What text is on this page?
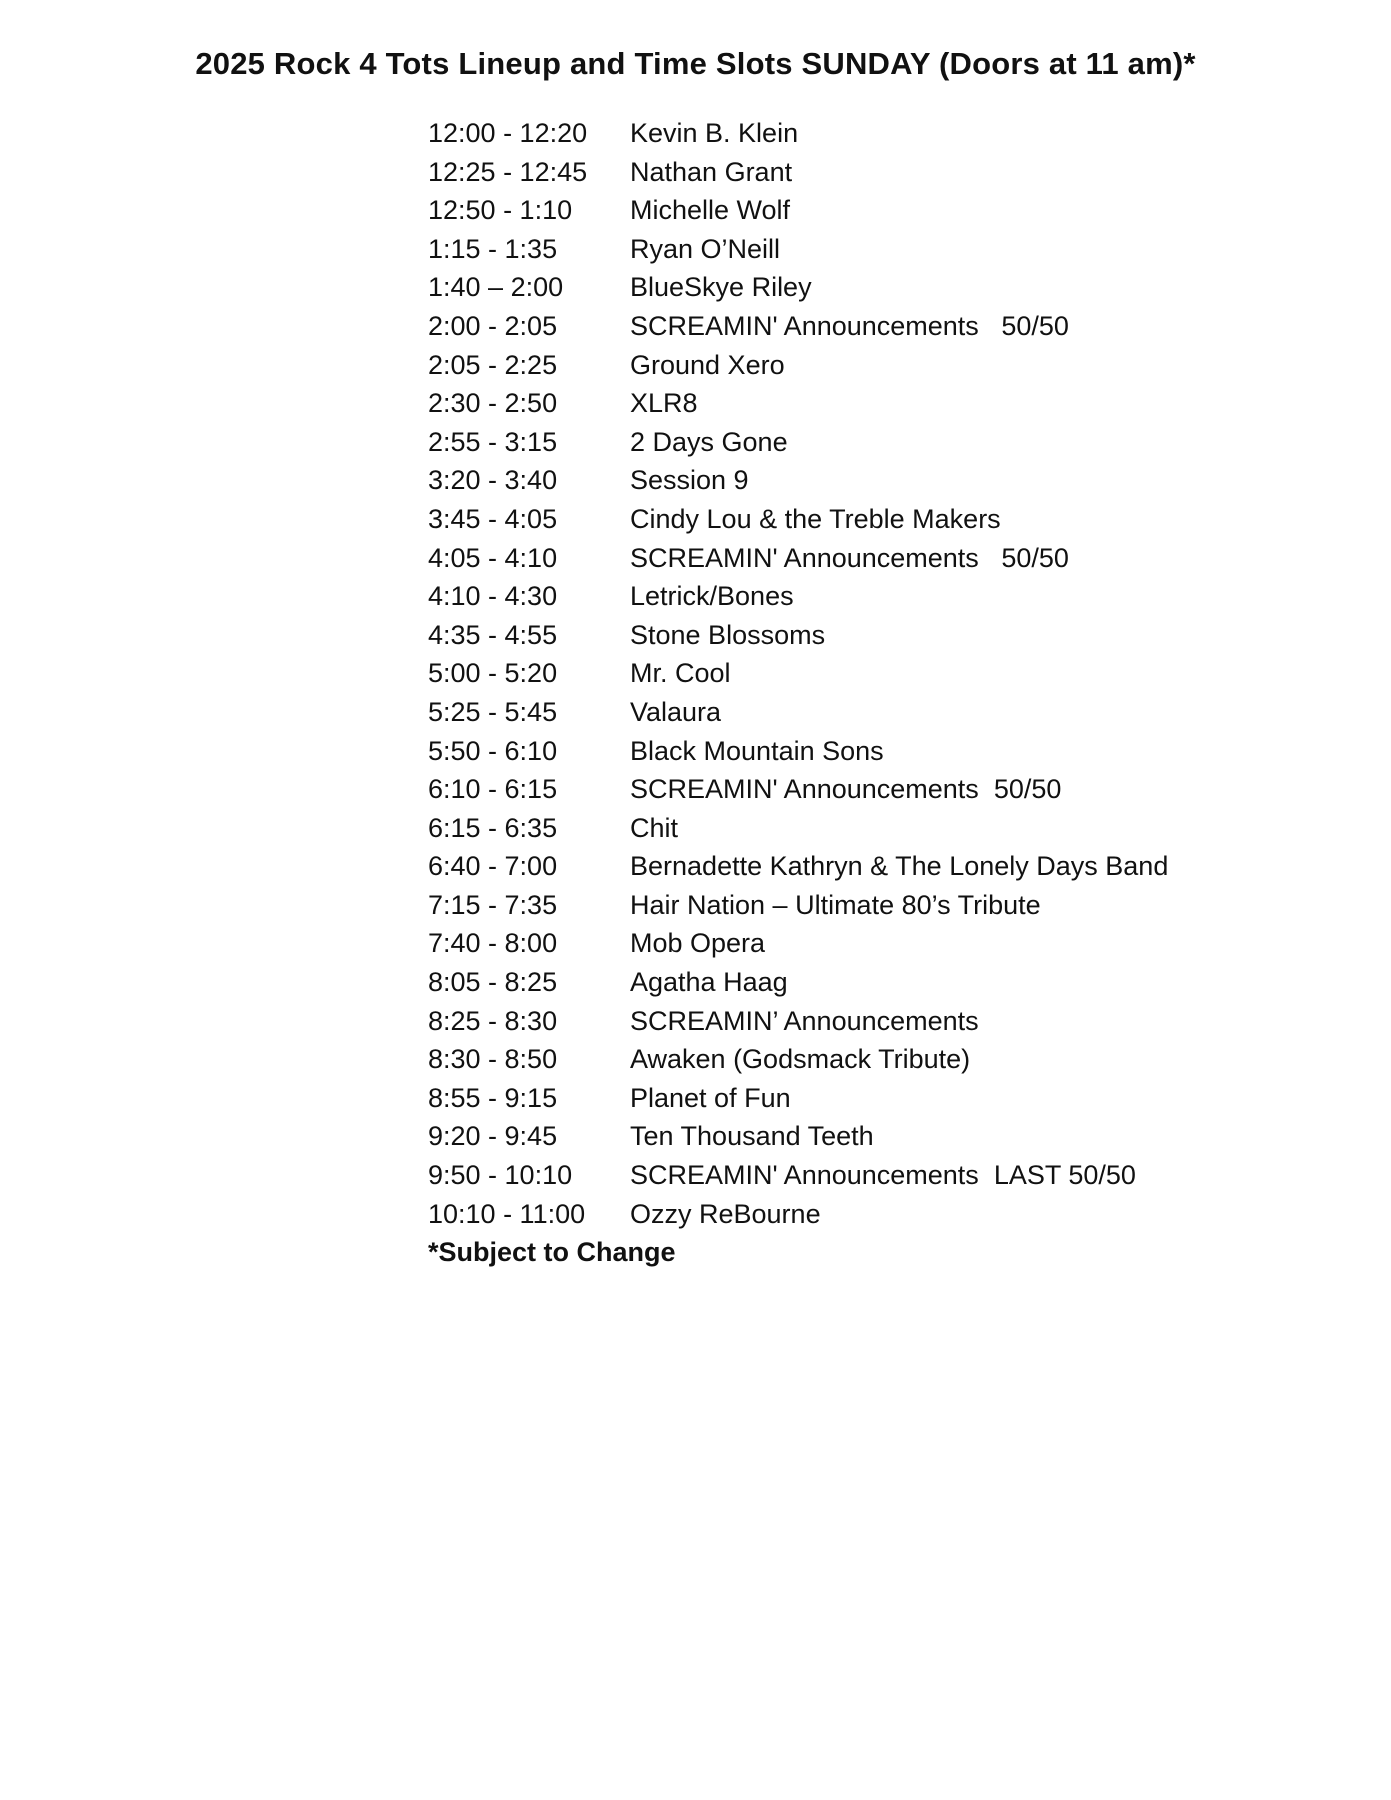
2025 Rock 4 Tots Lineup and Time Slots SUNDAY (Doors at 11 am)*
12:00 - 12:20	Kevin B. Klein
12:25 - 12:45	Nathan Grant
12:50 - 1:10	Michelle Wolf
1:15 - 1:35	Ryan O’Neill
1:40 – 2:00	BlueSkye Riley
2:00 - 2:05	SCREAMIN' Announcements   50/50
2:05 - 2:25	Ground Xero
2:30 - 2:50	XLR8
2:55 - 3:15	2 Days Gone
3:20 - 3:40	Session 9
3:45 - 4:05	Cindy Lou & the Treble Makers
4:05 - 4:10	SCREAMIN' Announcements   50/50
4:10 - 4:30	Letrick/Bones
4:35 - 4:55	Stone Blossoms
5:00 - 5:20	Mr. Cool
5:25 - 5:45	Valaura
5:50 - 6:10	Black Mountain Sons
6:10 - 6:15	SCREAMIN' Announcements  50/50
6:15 - 6:35	Chit
6:40 - 7:00	Bernadette Kathryn & The Lonely Days Band
7:15 - 7:35	Hair Nation – Ultimate 80’s Tribute
7:40 - 8:00	Mob Opera
8:05 - 8:25	Agatha Haag
8:25 - 8:30	SCREAMIN’ Announcements
8:30 - 8:50	Awaken (Godsmack Tribute)
8:55 - 9:15	Planet of Fun
9:20 - 9:45	Ten Thousand Teeth
9:50 - 10:10	SCREAMIN' Announcements  LAST 50/50
10:10 - 11:00	Ozzy ReBourne
*Subject to Change
